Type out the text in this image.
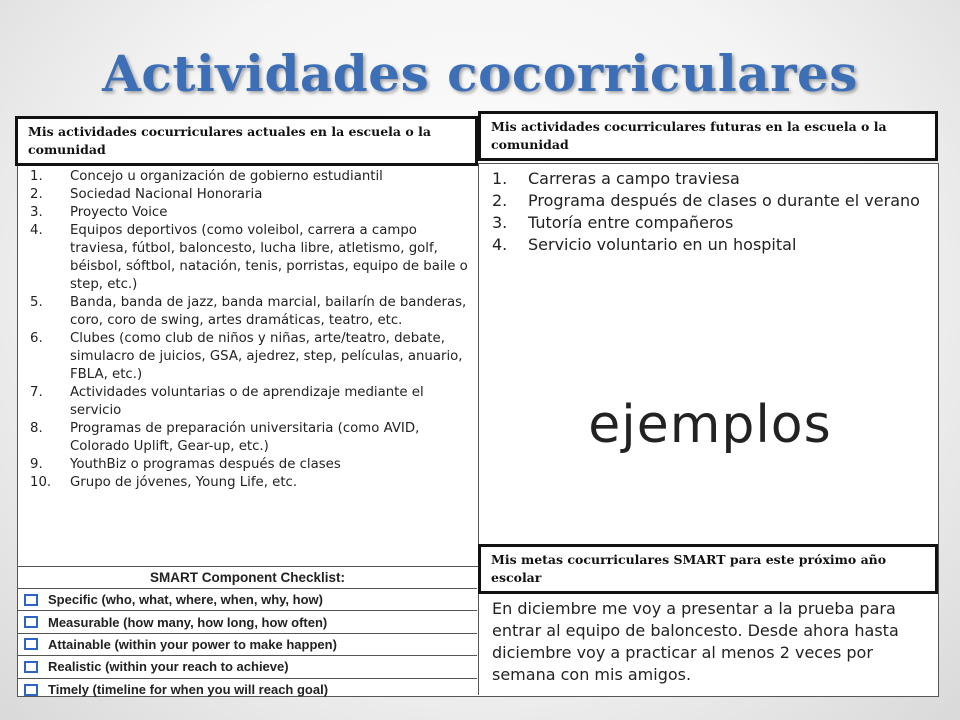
Actividades cocorriculares
1.	Concejo u organización de gobierno estudiantil
2.	Sociedad Nacional Honoraria
3.	Proyecto Voice
4.	Equipos deportivos (como voleibol, carrera a campo traviesa, fútbol, baloncesto, lucha libre, atletismo, golf, béisbol, sóftbol, natación, tenis, porristas, equipo de baile o step, etc.)
5.	Banda, banda de jazz, banda marcial, bailarín de banderas, coro, coro de swing, artes dramáticas, teatro, etc.
6.	Clubes (como club de niños y niñas, arte/teatro, debate, simulacro de juicios, GSA, ajedrez, step, películas, anuario, FBLA, etc.)
7.	Actividades voluntarias o de aprendizaje mediante el servicio
8.	Programas de preparación universitaria (como AVID, Colorado Uplift, Gear-up, etc.)
9.	YouthBiz o programas después de clases
10.	Grupo de jóvenes, Young Life, etc.
1.	Carreras a campo traviesa
2.	Programa después de clases o durante el verano
3.	Tutoría entre compañeros
4.	Servicio voluntario en un hospital
ejemplos
En diciembre me voy a presentar a la prueba para entrar al equipo de baloncesto. Desde ahora hasta diciembre voy a practicar al menos 2 veces por semana con mis amigos.
SMART Component Checklist:
Specific (who, what, where, when, why, how)
Measurable (how many, how long, how often)
Attainable (within your power to make happen)
Realistic (within your reach to achieve)
Timely (timeline for when you will reach goal)
Mis actividades cocurriculares actuales en la escuela o la comunidad
Mis actividades cocurriculares futuras en la escuela o la comunidad
Mis metas cocurriculares SMART para este próximo año escolar
